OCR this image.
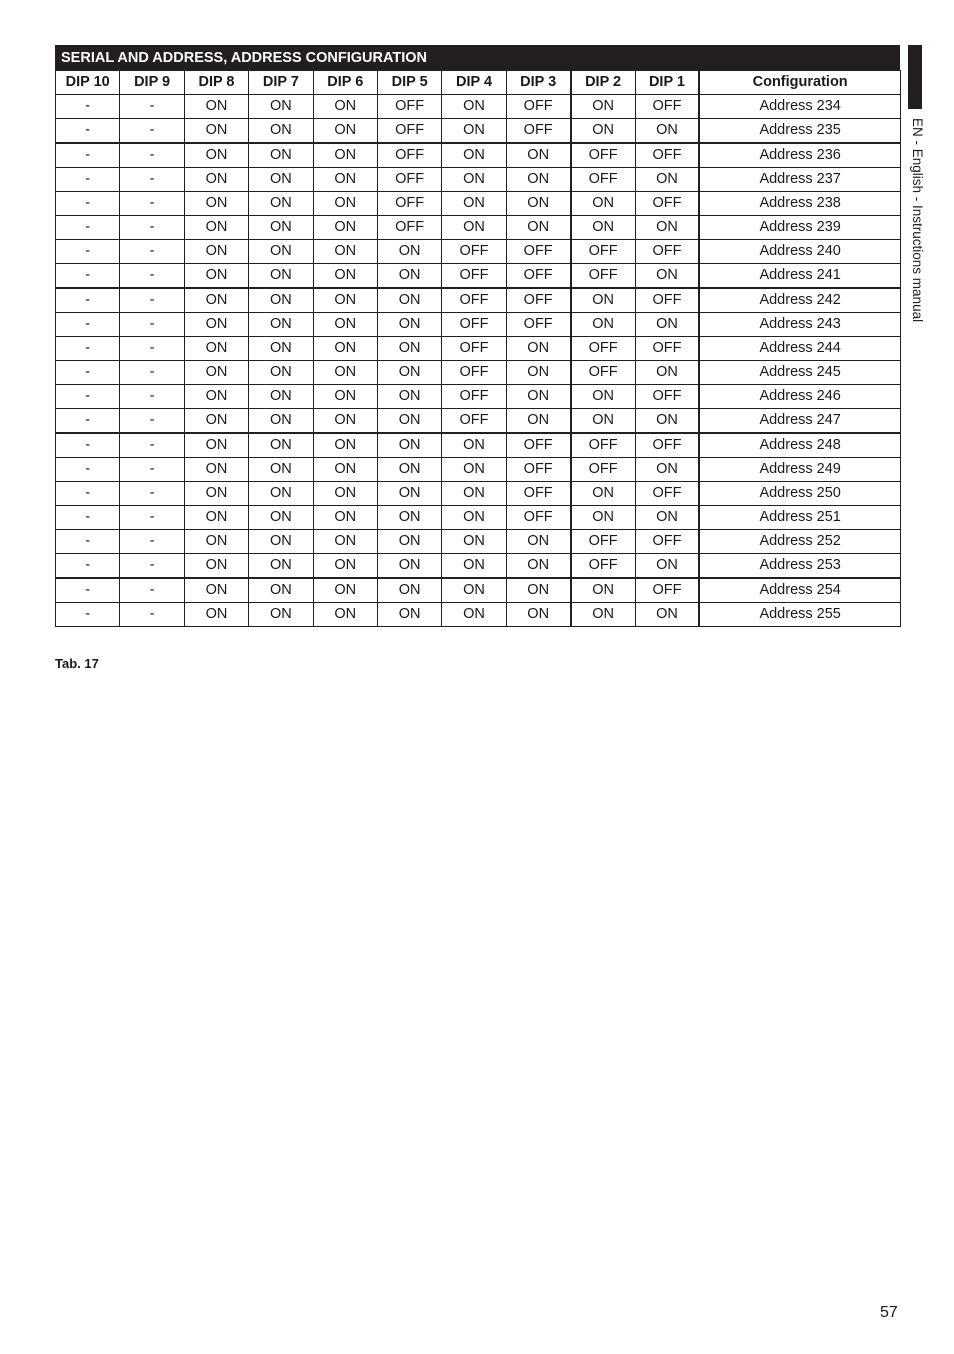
SERIAL AND ADDRESS, ADDRESS CONFIGURATION
DIP 10	DIP 9	DIP 8	DIP 7	DIP 6	DIP 5	DIP 4	DIP 3	DIP 2	DIP 1	Configuration
-	-	ON	ON	ON	OFF	ON	OFF	ON	OFF	Address 234
-	-	ON	ON	ON	OFF	ON	OFF	ON	ON	Address 235
-	-	ON	ON	ON	OFF	ON	ON	OFF	OFF	Address 236
-	-	ON	ON	ON	OFF	ON	ON	OFF	ON	Address 237
-	-	ON	ON	ON	OFF	ON	ON	ON	OFF	Address 238
-	-	ON	ON	ON	OFF	ON	ON	ON	ON	Address 239
-	-	ON	ON	ON	ON	OFF	OFF	OFF	OFF	Address 240
-	-	ON	ON	ON	ON	OFF	OFF	OFF	ON	Address 241
-	-	ON	ON	ON	ON	OFF	OFF	ON	OFF	Address 242
-	-	ON	ON	ON	ON	OFF	OFF	ON	ON	Address 243
-	-	ON	ON	ON	ON	OFF	ON	OFF	OFF	Address 244
-	-	ON	ON	ON	ON	OFF	ON	OFF	ON	Address 245
-	-	ON	ON	ON	ON	OFF	ON	ON	OFF	Address 246
-	-	ON	ON	ON	ON	OFF	ON	ON	ON	Address 247
-	-	ON	ON	ON	ON	ON	OFF	OFF	OFF	Address 248
-	-	ON	ON	ON	ON	ON	OFF	OFF	ON	Address 249
-	-	ON	ON	ON	ON	ON	OFF	ON	OFF	Address 250
-	-	ON	ON	ON	ON	ON	OFF	ON	ON	Address 251
-	-	ON	ON	ON	ON	ON	ON	OFF	OFF	Address 252
-	-	ON	ON	ON	ON	ON	ON	OFF	ON	Address 253
-	-	ON	ON	ON	ON	ON	ON	ON	OFF	Address 254
-	-	ON	ON	ON	ON	ON	ON	ON	ON	Address 255
Tab. 17
EN - English - Instructions manual
57
